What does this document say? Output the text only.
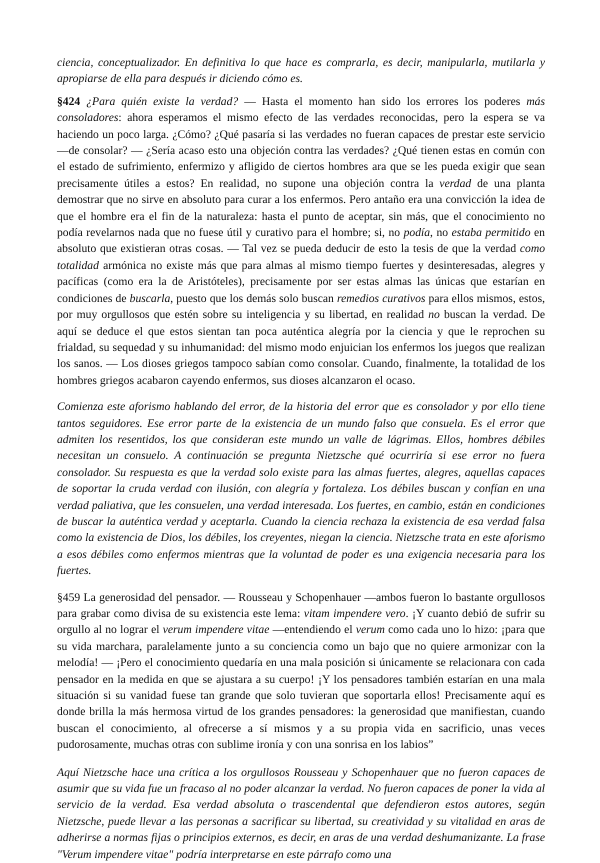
ciencia, conceptualizador. En definitiva lo que hace es comprarla, es decir, manipularla, mutilarla y apropiarse de ella para después ir diciendo cómo es.

§424 ¿Para quién existe la verdad? — Hasta el momento han sido los errores los poderes más consoladores: ahora esperamos el mismo efecto de las verdades reconocidas, pero la espera se va haciendo un poco larga. ¿Cómo? ¿Qué pasaría si las verdades no fueran capaces de prestar este servicio —de consolar? — ¿Sería acaso esto una objeción contra las verdades? ¿Qué tienen estas en común con el estado de sufrimiento, enfermizo y afligido de ciertos hombres ara que se les pueda exigir que sean precisamente útiles a estos? En realidad, no supone una objeción contra la verdad de una planta demostrar que no sirve en absoluto para curar a los enfermos. Pero antaño era una convicción la idea de que el hombre era el fin de la naturaleza: hasta el punto de aceptar, sin más, que el conocimiento no podía revelarnos nada que no fuese útil y curativo para el hombre; si, no podía, no estaba permitido en absoluto que existieran otras cosas. — Tal vez se pueda deducir de esto la tesis de que la verdad como totalidad armónica no existe más que para almas al mismo tiempo fuertes y desinteresadas, alegres y pacíficas (como era la de Aristóteles), precisamente por ser estas almas las únicas que estarían en condiciones de buscarla, puesto que los demás solo buscan remedios curativos para ellos mismos, estos, por muy orgullosos que estén sobre su inteligencia y su libertad, en realidad no buscan la verdad. De aquí se deduce el que estos sientan tan poca auténtica alegría por la ciencia y que le reprochen su frialdad, su sequedad y su inhumanidad: del mismo modo enjuician los enfermos los juegos que realizan los sanos. — Los dioses griegos tampoco sabían como consolar. Cuando, finalmente, la totalidad de los hombres griegos acabaron cayendo enfermos, sus dioses alcanzaron el ocaso.

Comienza este aforismo hablando del error, de la historia del error que es consolador y por ello tiene tantos seguidores. Ese error parte de la existencia de un mundo falso que consuela. Es el error que admiten los resentidos, los que consideran este mundo un valle de lágrimas. Ellos, hombres débiles necesitan un consuelo. A continuación se pregunta Nietzsche qué ocurriría si ese error no fuera consolador. Su respuesta es que la verdad solo existe para las almas fuertes, alegres, aquellas capaces de soportar la cruda verdad con ilusión, con alegría y fortaleza. Los débiles buscan y confían en una verdad paliativa, que les consuelen, una verdad interesada. Los fuertes, en cambio, están en condiciones de buscar la auténtica verdad y aceptarla. Cuando la ciencia rechaza la existencia de esa verdad falsa como la existencia de Dios, los débiles, los creyentes, niegan la ciencia. Nietzsche trata en este aforismo a esos débiles como enfermos mientras que la voluntad de poder es una exigencia necesaria para los fuertes.

§459 La generosidad del pensador. — Rousseau y Schopenhauer —ambos fueron lo bastante orgullosos para grabar como divisa de su existencia este lema: vitam impendere vero. ¡Y cuanto debió de sufrir su orgullo al no lograr el verum impendere vitae —entendiendo el verum como cada uno lo hizo: ¡para que su vida marchara, paralelamente junto a su conciencia como un bajo que no quiere armonizar con la melodía! — ¡Pero el conocimiento quedaría en una mala posición si únicamente se relacionara con cada pensador en la medida en que se ajustara a su cuerpo! ¡Y los pensadores también estarían en una mala situación si su vanidad fuese tan grande que solo tuvieran que soportarla ellos! Precisamente aquí es donde brilla la más hermosa virtud de los grandes pensadores: la generosidad que manifiestan, cuando buscan el conocimiento, al ofrecerse a sí mismos y a su propia vida en sacrificio, unas veces pudorosamente, muchas otras con sublime ironía y con una sonrisa en los labios”

Aquí Nietzsche hace una crítica a los orgullosos Rousseau y Schopenhauer que no fueron capaces de asumir que su vida fue un fracaso al no poder alcanzar la verdad. No fueron capaces de poner la vida al servicio de la verdad. Esa verdad absoluta o trascendental que defendieron estos autores, según Nietzsche, puede llevar a las personas a sacrificar su libertad, su creatividad y su vitalidad en aras de adherirse a normas fijas o principios externos, es decir, en aras de una verdad deshumanizante. La frase "Verum impendere vitae" podría interpretarse en este párrafo como una
